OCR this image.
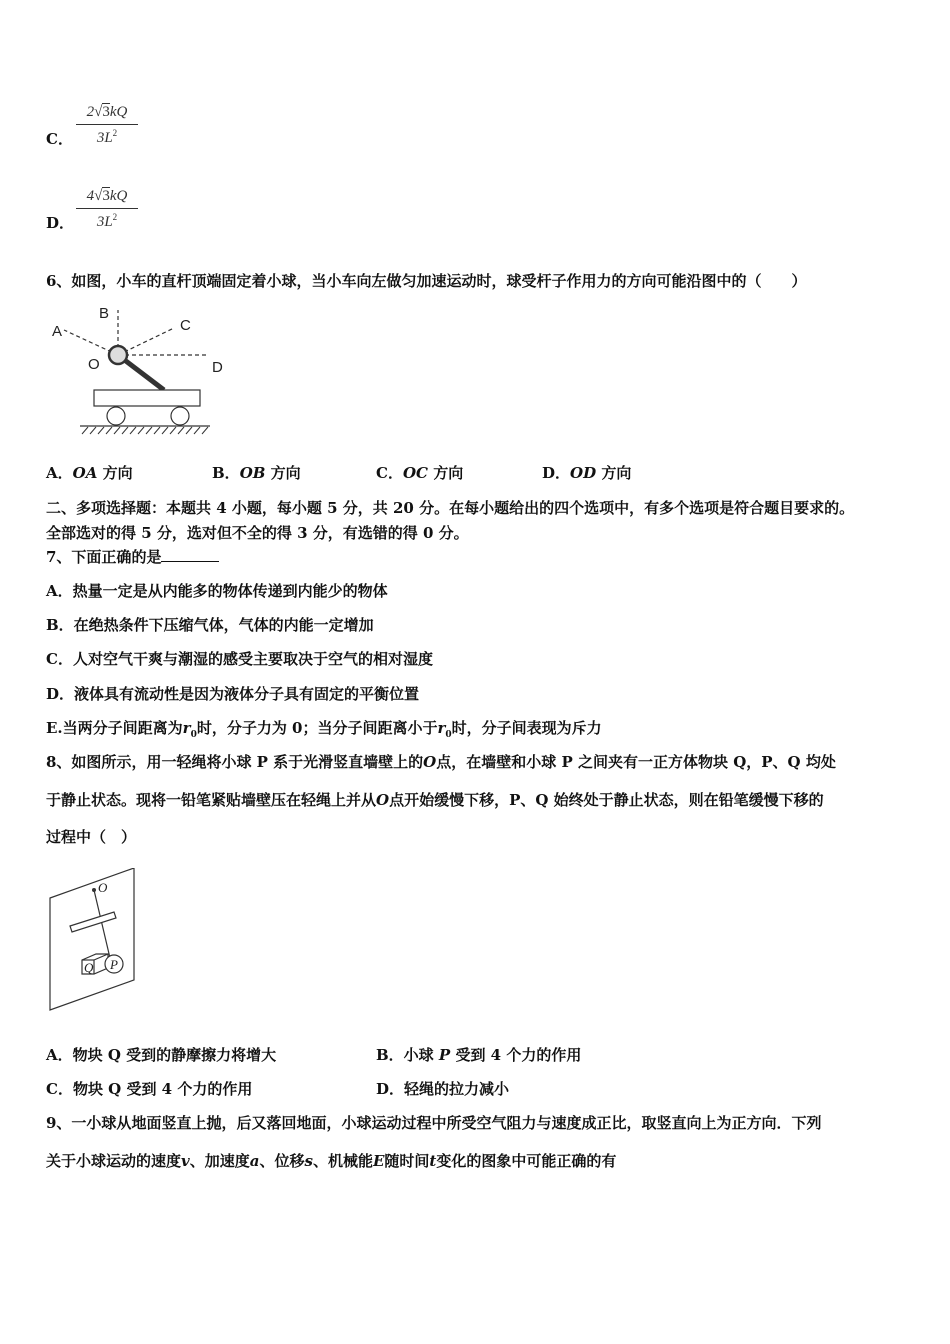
C．
2√3kQ
$3L^2$
D．
4√3kQ
$3L^2$
6、如图，小车的直杆顶端固定着小球，当小车向左做匀加速运动时，球受杆子作用力的方向可能沿图中的（　　）
A
B
C
O	D
A．OA 方向	B．OB 方向	C．OC 方向	D．OD 方向
二、多项选择题：本题共 4 小题，每小题 5 分，共 20 分。在每小题给出的四个选项中，有多个选项是符合题目要求的。
全部选对的得 5 分，选对但不全的得 3 分，有选错的得 0 分。
7、下面正确的是
A．热量一定是从内能多的物体传递到内能少的物体
B．在绝热条件下压缩气体，气体的内能一定增加
C．人对空气干爽与潮湿的感受主要取决于空气的相对湿度
D．液体具有流动性是因为液体分子具有固定的平衡位置
E.当两分子间距离为$r_0$时，分子力为 0；当分子间距离小于$r_0$时，分子间表现为斥力
8、如图所示，用一轻绳将小球 P 系于光滑竖直墙壁上的O点，在墙壁和小球 P 之间夹有一正方体物块 Q，P、Q 均处
于静止状态。现将一铅笔紧贴墙壁压在轻绳上并从O点开始缓慢下移，P、Q 始终处于静止状态，则在铅笔缓慢下移的
过程中（　）
O
Q P
A．物块 Q 受到的静摩擦力将增大	B．小球 P 受到 4 个力的作用
C．物块 Q 受到 4 个力的作用	D．轻绳的拉力减小
9、一小球从地面竖直上抛，后又落回地面，小球运动过程中所受空气阻力与速度成正比，取竖直向上为正方向．下列
关于小球运动的速度v、加速度a、位移s、机械能E随时间t变化的图象中可能正确的有
